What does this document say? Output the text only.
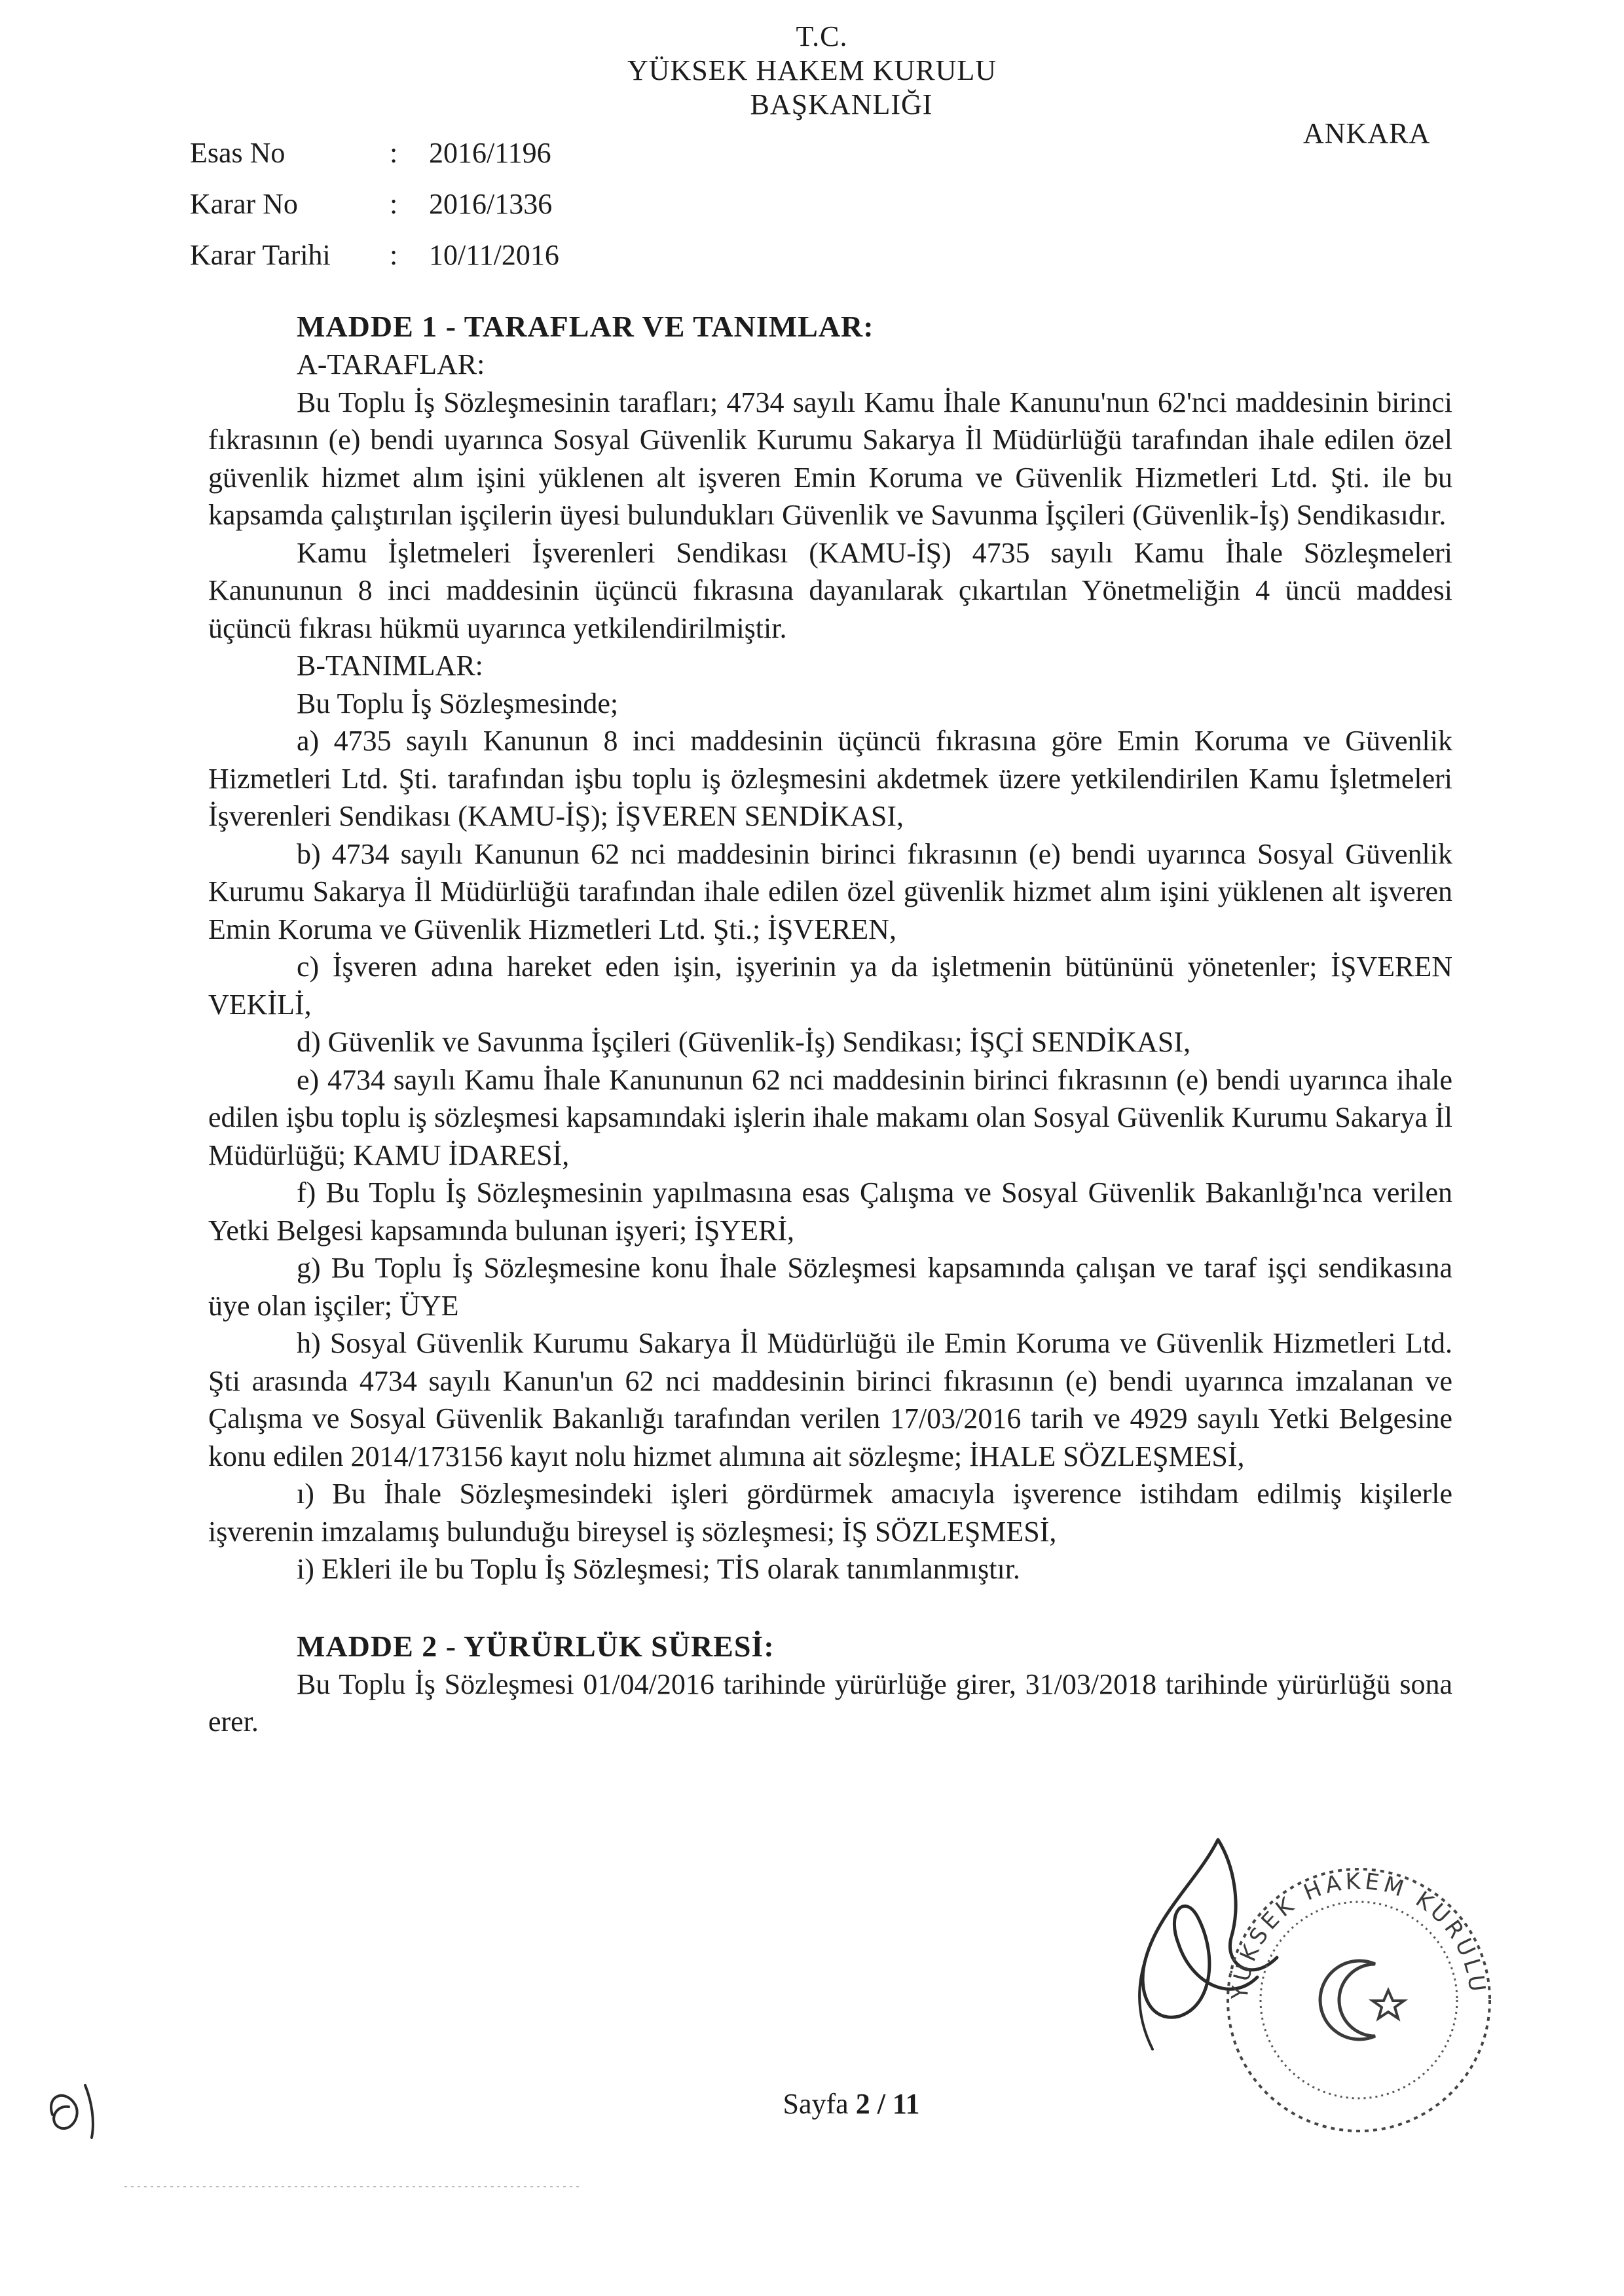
T.C.
YÜKSEK HAKEM KURULU
BAŞKANLIĞI
ANKARA
Esas No	:	2016/1196
Karar No	:	2016/1336
Karar Tarihi	:	10/11/2016
MADDE 1 - TARAFLAR VE TANIMLAR:
A-TARAFLAR:

Bu Toplu İş Sözleşmesinin tarafları; 4734 sayılı Kamu İhale Kanunu'nun 62'nci maddesinin birinci fıkrasının (e) bendi uyarınca Sosyal Güvenlik Kurumu Sakarya İl Müdürlüğü tarafından ihale edilen özel güvenlik hizmet alım işini yüklenen alt işveren Emin Koruma ve Güvenlik Hizmetleri Ltd. Şti. ile bu kapsamda çalıştırılan işçilerin üyesi bulundukları Güvenlik ve Savunma İşçileri (Güvenlik-İş) Sendikasıdır.

Kamu İşletmeleri İşverenleri Sendikası (KAMU-İŞ) 4735 sayılı Kamu İhale Sözleşmeleri Kanununun 8 inci maddesinin üçüncü fıkrasına dayanılarak çıkartılan Yönetmeliğin 4 üncü maddesi üçüncü fıkrası hükmü uyarınca yetkilendirilmiştir.

B-TANIMLAR:
Bu Toplu İş Sözleşmesinde;

a) 4735 sayılı Kanunun 8 inci maddesinin üçüncü fıkrasına göre Emin Koruma ve Güvenlik Hizmetleri Ltd. Şti. tarafından işbu toplu iş özleşmesini akdetmek üzere yetkilendirilen Kamu İşletmeleri İşverenleri Sendikası (KAMU-İŞ); İŞVEREN SENDİKASI,

b) 4734 sayılı Kanunun 62 nci maddesinin birinci fıkrasının (e) bendi uyarınca Sosyal Güvenlik Kurumu Sakarya İl Müdürlüğü tarafından ihale edilen özel güvenlik hizmet alım işini yüklenen alt işveren Emin Koruma ve Güvenlik Hizmetleri Ltd. Şti.; İŞVEREN,

c) İşveren adına hareket eden işin, işyerinin ya da işletmenin bütününü yönetenler; İŞVEREN VEKİLİ,

d) Güvenlik ve Savunma İşçileri (Güvenlik-İş) Sendikası; İŞÇİ SENDİKASI,

e) 4734 sayılı Kamu İhale Kanununun 62 nci maddesinin birinci fıkrasının (e) bendi uyarınca ihale edilen işbu toplu iş sözleşmesi kapsamındaki işlerin ihale makamı olan Sosyal Güvenlik Kurumu Sakarya İl Müdürlüğü; KAMU İDARESİ,

f) Bu Toplu İş Sözleşmesinin yapılmasına esas Çalışma ve Sosyal Güvenlik Bakanlığı'nca verilen Yetki Belgesi kapsamında bulunan işyeri; İŞYERİ,

g) Bu Toplu İş Sözleşmesine konu İhale Sözleşmesi kapsamında çalışan ve taraf işçi sendikasına üye olan işçiler; ÜYE

h) Sosyal Güvenlik Kurumu Sakarya İl Müdürlüğü ile Emin Koruma ve Güvenlik Hizmetleri Ltd. Şti arasında 4734 sayılı Kanun'un 62 nci maddesinin birinci fıkrasının (e) bendi uyarınca imzalanan ve Çalışma ve Sosyal Güvenlik Bakanlığı tarafından verilen 17/03/2016 tarih ve 4929 sayılı Yetki Belgesine konu edilen 2014/173156 kayıt nolu hizmet alımına ait sözleşme; İHALE SÖZLEŞMESİ,

ı) Bu İhale Sözleşmesindeki işleri gördürmek amacıyla işverence istihdam edilmiş kişilerle işverenin imzalamış bulunduğu bireysel iş sözleşmesi; İŞ SÖZLEŞMESİ,

i) Ekleri ile bu Toplu İş Sözleşmesi; TİS olarak tanımlanmıştır.

MADDE 2 - YÜRÜRLÜK SÜRESİ:

Bu Toplu İş Sözleşmesi 01/04/2016 tarihinde yürürlüğe girer, 31/03/2018 tarihinde yürürlüğü sona erer.

YÜKSEK HAKEM KURULU
Sayfa 2 / 11
